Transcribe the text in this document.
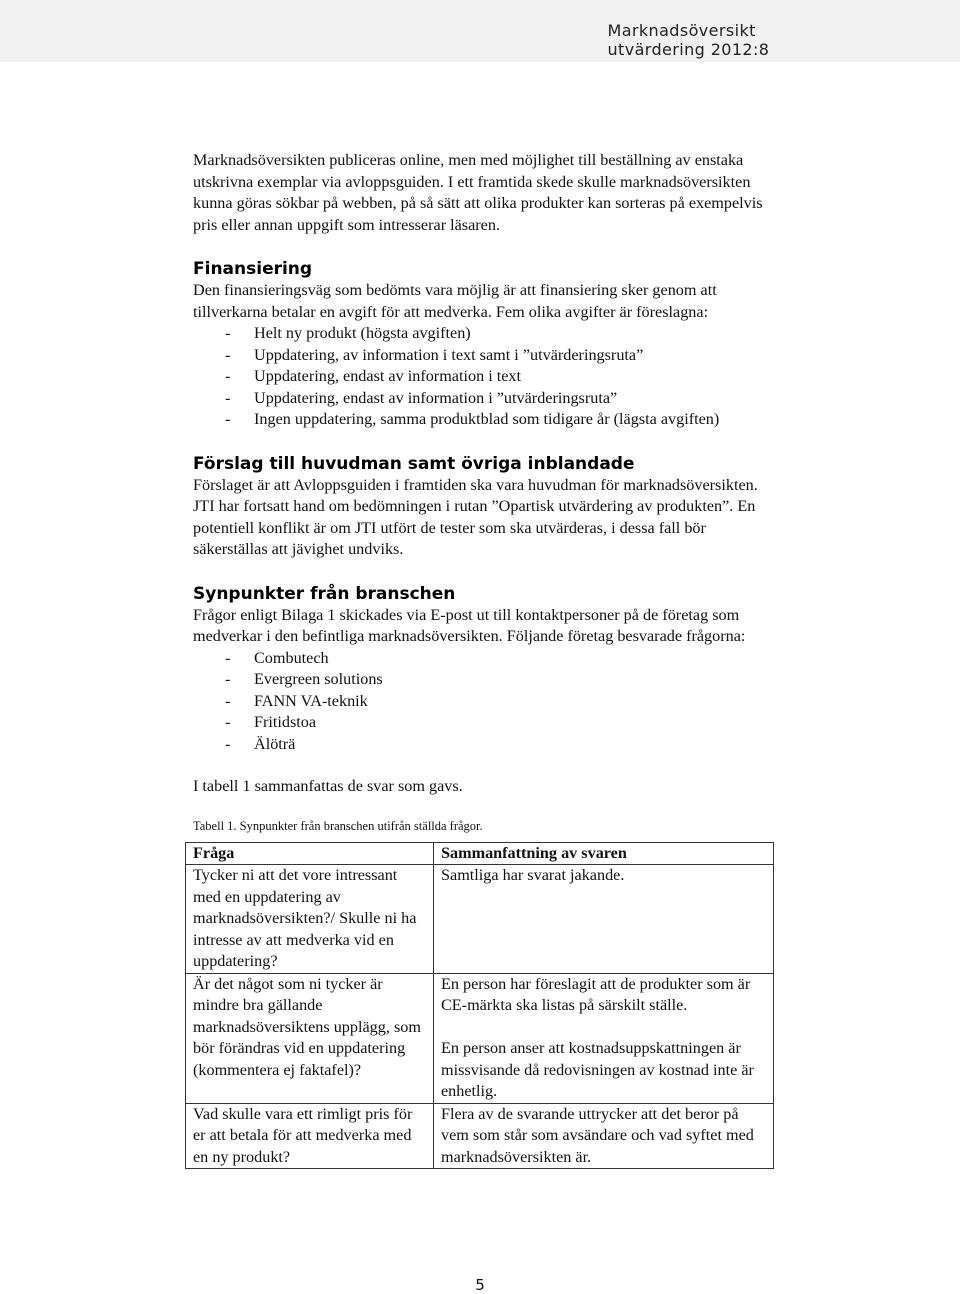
Marknadsöversikt utvärdering 2012:8

Marknadsöversikten publiceras online, men med möjlighet till beställning av enstaka utskrivna exemplar via avloppsguiden. I ett framtida skede skulle marknadsöversikten kunna göras sökbar på webben, på så sätt att olika produkter kan sorteras på exempelvis pris eller annan uppgift som intresserar läsaren.

Finansiering

Den finansieringsväg som bedömts vara möjlig är att finansiering sker genom att tillverkarna betalar en avgift för att medverka. Fem olika avgifter är föreslagna:

- Helt ny produkt (högsta avgiften)
- Uppdatering, av information i text samt i ”utvärderingsruta”
- Uppdatering, endast av information i text
- Uppdatering, endast av information i ”utvärderingsruta”
- Ingen uppdatering, samma produktblad som tidigare år (lägsta avgiften)
Förslag till huvudman samt övriga inblandade

Förslaget är att Avloppsguiden i framtiden ska vara huvudman för marknadsöversikten. JTI har fortsatt hand om bedömningen i rutan ”Opartisk utvärdering av produkten”. En potentiell konflikt är om JTI utfört de tester som ska utvärderas, i dessa fall bör säkerställas att jävighet undviks.

Synpunkter från branschen

Frågor enligt Bilaga 1 skickades via E-post ut till kontaktpersoner på de företag som medverkar i den befintliga marknadsöversikten. Följande företag besvarade frågorna:

- Combutech
- Evergreen solutions
- FANN VA-teknik
- Fritidstoa
- Älöträ

I tabell 1 sammanfattas de svar som gavs.

Tabell 1. Synpunkter från branschen utifrån ställda frågor.
Fråga	Sammanfattning av svaren
Tycker ni att det vore intressant med en uppdatering av marknadsöversikten?/ Skulle ni ha intresse av att medverka vid en uppdatering?	Samtliga har svarat jakande.
Är det något som ni tycker är mindre bra gällande marknadsöversiktens upplägg, som bör förändras vid en uppdatering (kommentera ej faktafel)?	En person har föreslagit att de produkter som är CE-märkta ska listas på särskilt ställe.
En person anser att kostnadsuppskattningen är missvisande då redovisningen av kostnad inte är enhetlig.

Vad skulle vara ett rimligt pris för er att betala för att medverka med en ny produkt?	Flera av de svarande uttrycker att det beror på vem som står som avsändare och vad syftet med marknadsöversikten är.
5
